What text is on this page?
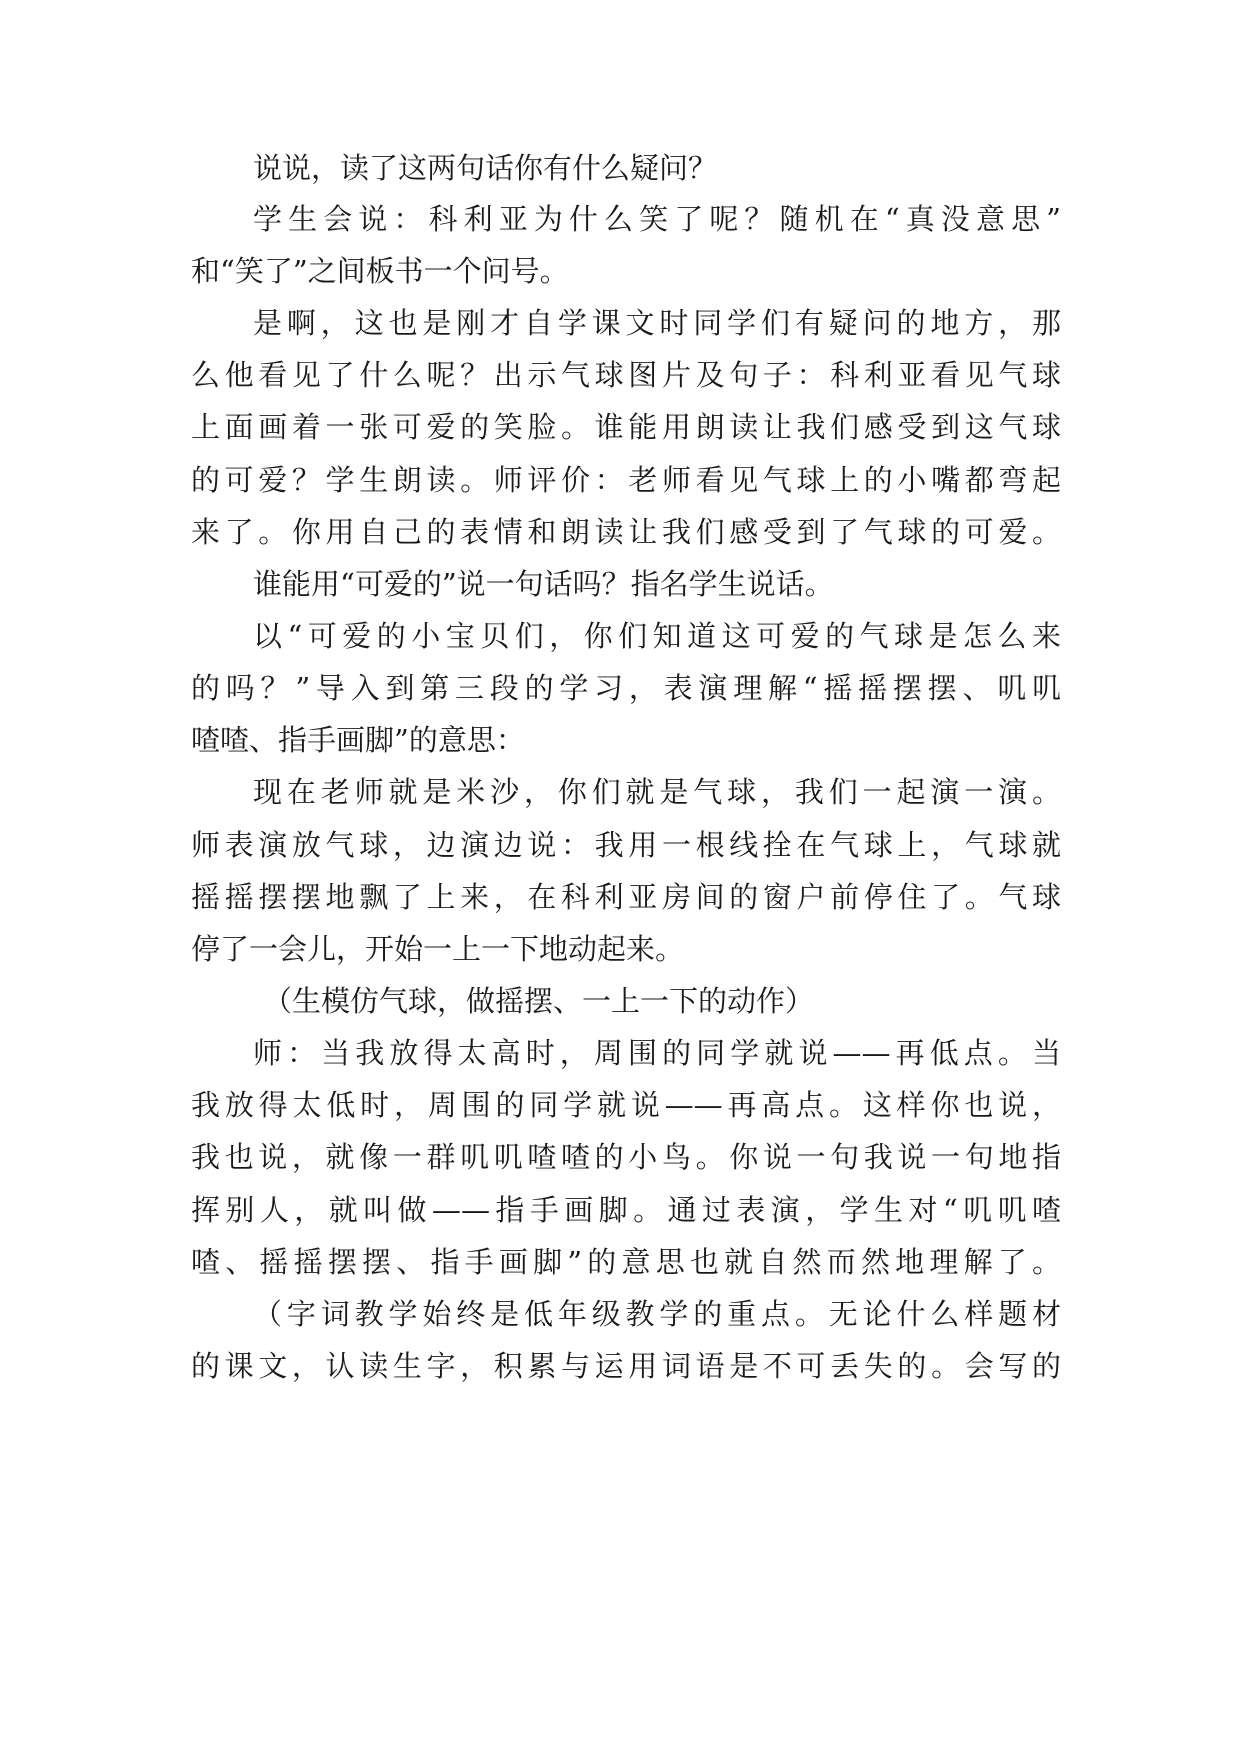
说说，读了这两句话你有什么疑问？
学生会说：科利亚为什么笑了呢？随机在“真没意思”
和“笑了”之间板书一个问号。
是啊，这也是刚才自学课文时同学们有疑问的地方，那
么他看见了什么呢？出示气球图片及句子：科利亚看见气球
上面画着一张可爱的笑脸。谁能用朗读让我们感受到这气球
的可爱？学生朗读。师评价：老师看见气球上的小嘴都弯起
来了。你用自己的表情和朗读让我们感受到了气球的可爱。
谁能用“可爱的”说一句话吗？指名学生说话。
以“可爱的小宝贝们，你们知道这可爱的气球是怎么来
的吗？”导入到第三段的学习，表演理解“摇摇摆摆、叽叽
喳喳、指手画脚”的意思：
现在老师就是米沙，你们就是气球，我们一起演一演。
师表演放气球，边演边说：我用一根线拴在气球上，气球就
摇摇摆摆地飘了上来，在科利亚房间的窗户前停住了。气球
停了一会儿，开始一上一下地动起来。
（生模仿气球，做摇摆、一上一下的动作）
师：当我放得太高时，周围的同学就说——再低点。当
我放得太低时，周围的同学就说——再高点。这样你也说，
我也说，就像一群叽叽喳喳的小鸟。你说一句我说一句地指
挥别人，就叫做——指手画脚。通过表演，学生对“叽叽喳
喳、摇摇摆摆、指手画脚”的意思也就自然而然地理解了。
（字词教学始终是低年级教学的重点。无论什么样题材
的课文，认读生字，积累与运用词语是不可丢失的。会写的
